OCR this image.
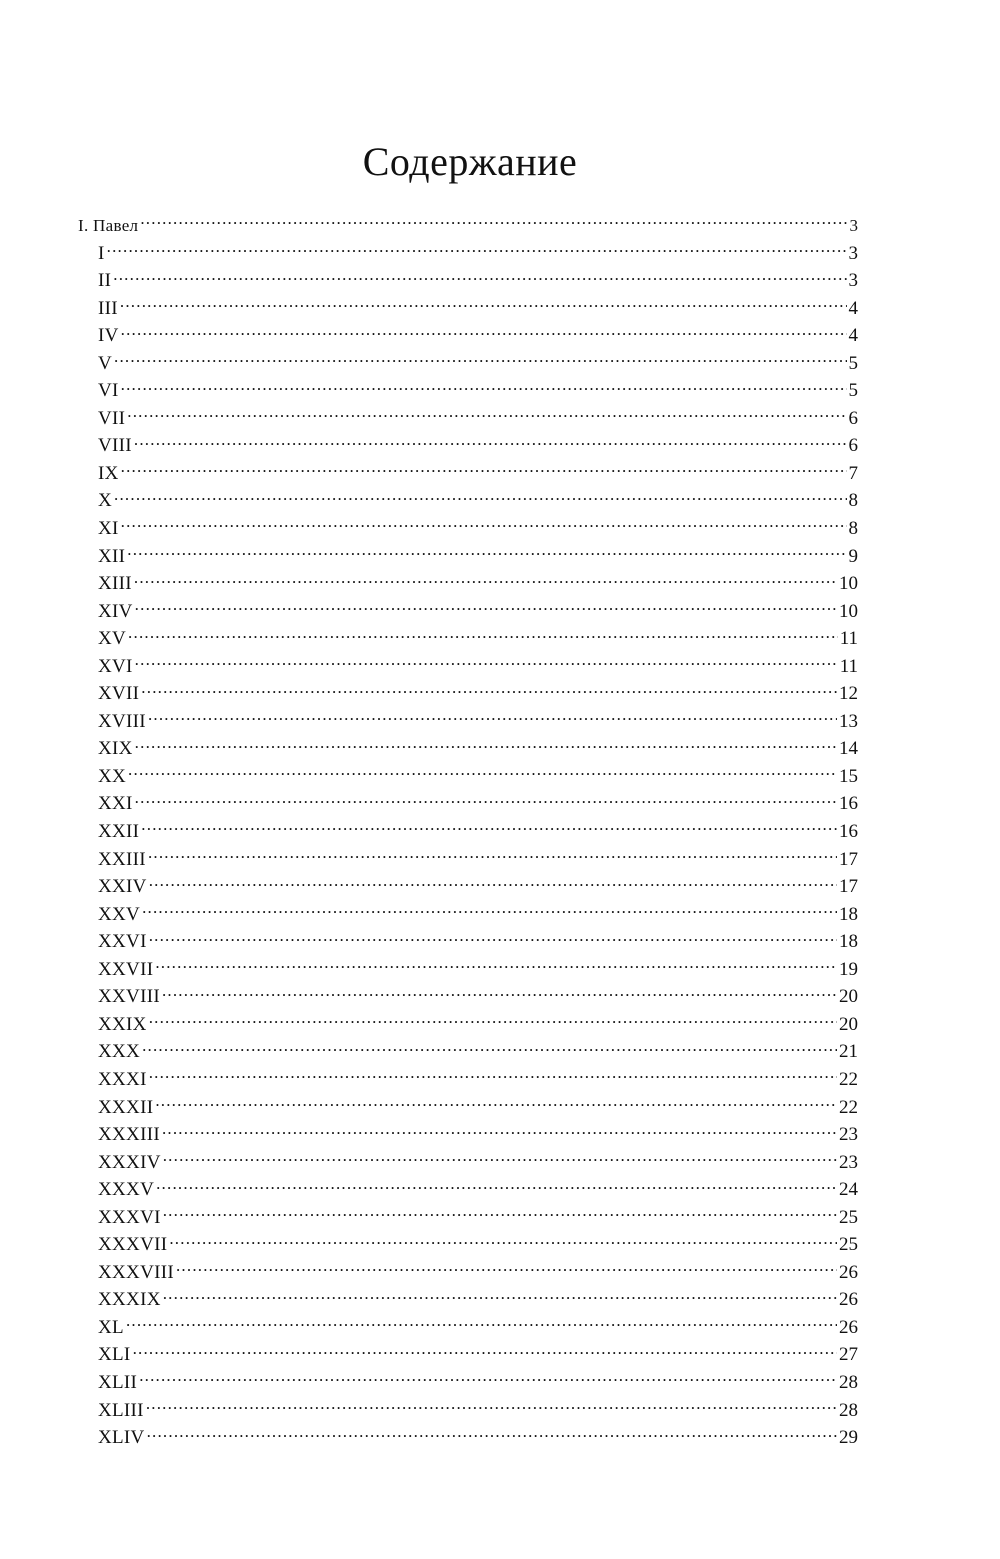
Содержание
I. Павел .....	3
I .....	3
II .....	3
III .....	4
IV .....	4
V .....	5
VI .....	5
VII .....	6
VIII .....	6
IX .....	7
X .....	8
XI .....	8
XII .....	9
XIII .....	10
XIV .....	10
XV .....	11
XVI .....	11
XVII .....	12
XVIII .....	13
XIX .....	14
XX .....	15
XXI .....	16
XXII .....	16
XXIII .....	17
XXIV .....	17
XXV .....	18
XXVI .....	18
XXVII .....	19
XXVIII .....	20
XXIX .....	20
XXX .....	21
XXXI .....	22
XXXII .....	22
XXXIII .....	23
XXXIV .....	23
XXXV .....	24
XXXVI .....	25
XXXVII .....	25
XXXVIII .....	26
XXXIX .....	26
XL .....	26
XLI .....	27
XLII .....	28
XLIII .....	28
XLIV .....	29
